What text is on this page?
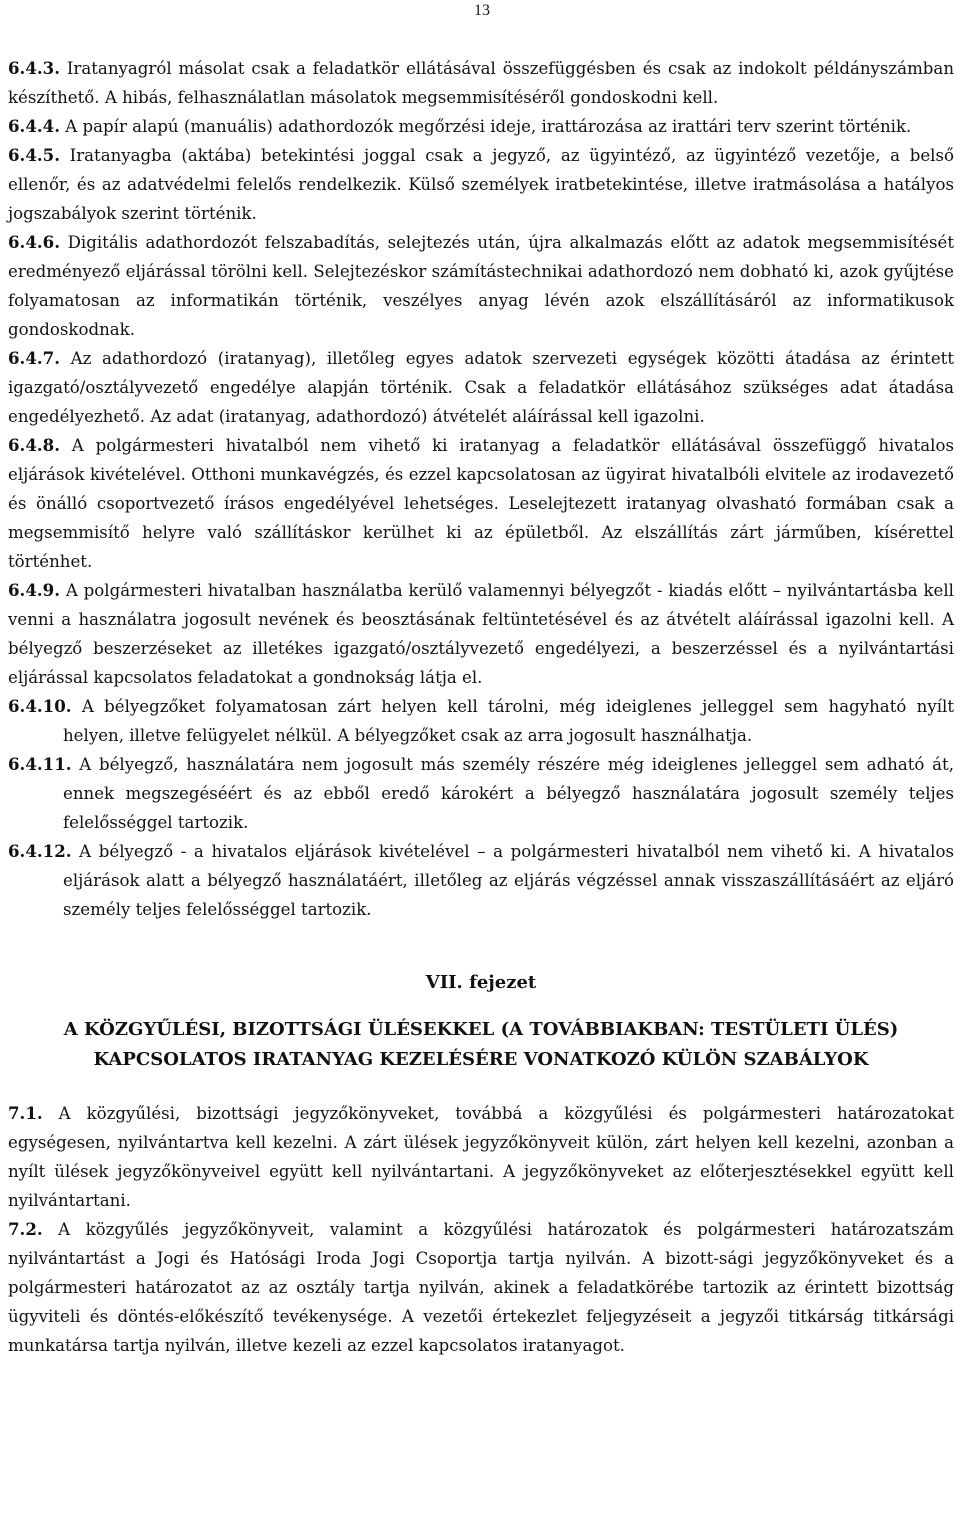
13

6.4.3. Iratanyagról másolat csak a feladatkör ellátásával összefüggésben és csak az indokolt példányszámban készíthető. A hibás, felhasználatlan másolatok megsemmisítéséről gondoskodni kell.

6.4.4. A papír alapú (manuális) adathordozók megőrzési ideje, irattározása az irattári terv szerint történik.

6.4.5. Iratanyagba (aktába) betekintési joggal csak a jegyző, az ügyintéző, az ügyintéző vezetője, a belső ellenőr, és az adatvédelmi felelős rendelkezik. Külső személyek iratbetekintése, illetve iratmásolása a hatályos jogszabályok szerint történik.

6.4.6. Digitális adathordozót felszabadítás, selejtezés után, újra alkalmazás előtt az adatok megsemmisítését eredményező eljárással törölni kell. Selejtezéskor számítástechnikai adathordozó nem dobható ki, azok gyűjtése folyamatosan az informatikán történik, veszélyes anyag lévén azok elszállításáról az informatikusok gondoskodnak.

6.4.7. Az adathordozó (iratanyag), illetőleg egyes adatok szervezeti egységek közötti átadása az érintett igazgató/osztályvezető engedélye alapján történik. Csak a feladatkör ellátásához szükséges adat átadása engedélyezhető. Az adat (iratanyag, adathordozó) átvételét aláírással kell igazolni.

6.4.8. A polgármesteri hivatalból nem vihető ki iratanyag a feladatkör ellátásával összefüggő hivatalos eljárások kivételével. Otthoni munkavégzés, és ezzel kapcsolatosan az ügyirat hivatalbóli elvitele az irodavezető és önálló csoportvezető írásos engedélyével lehetséges. Leselejtezett iratanyag olvasható formában csak a megsemmisítő helyre való szállításkor kerülhet ki az épületből. Az elszállítás zárt járműben, kísérettel történhet.

6.4.9. A polgármesteri hivatalban használatba kerülő valamennyi bélyegzőt - kiadás előtt – nyilvántartásba kell venni a használatra jogosult nevének és beosztásának feltüntetésével és az átvételt aláírással igazolni kell. A bélyegző beszerzéseket az illetékes igazgató/osztályvezető engedélyezi, a beszerzéssel és a nyilvántartási eljárással kapcsolatos feladatokat a gondnokság látja el.

6.4.10. A bélyegzőket folyamatosan zárt helyen kell tárolni, még ideiglenes jelleggel sem hagyható nyílt helyen, illetve felügyelet nélkül. A bélyegzőket csak az arra jogosult használhatja.

6.4.11. A bélyegző, használatára nem jogosult más személy részére még ideiglenes jelleggel sem adható át, ennek megszegéséért és az ebből eredő károkért a bélyegző használatára jogosult személy teljes felelősséggel tartozik.

6.4.12. A bélyegző - a hivatalos eljárások kivételével – a polgármesteri hivatalból nem vihető ki. A hivatalos eljárások alatt a bélyegző használatáért, illetőleg az eljárás végzéssel annak visszaszállításáért az eljáró személy teljes felelősséggel tartozik.

VII. fejezet

A KÖZGYŰLÉSI, BIZOTTSÁGI ÜLÉSEKKEL (A TOVÁBBIAKBAN: TESTÜLETI ÜLÉS)
KAPCSOLATOS IRATANYAG KEZELÉSÉRE VONATKOZÓ KÜLÖN SZABÁLYOK

7.1. A közgyűlési, bizottsági jegyzőkönyveket, továbbá a közgyűlési és polgármesteri határozatokat egységesen, nyilvántartva kell kezelni. A zárt ülések jegyzőkönyveit külön, zárt helyen kell kezelni, azonban a nyílt ülések jegyzőkönyveivel együtt kell nyilvántartani. A jegyzőkönyveket az előterjesztésekkel együtt kell nyilvántartani.

7.2. A közgyűlés jegyzőkönyveit, valamint a közgyűlési határozatok és polgármesteri határozatszám nyilvántartást a Jogi és Hatósági Iroda Jogi Csoportja tartja nyilván. A bizott-sági jegyzőkönyveket és a polgármesteri határozatot az az osztály tartja nyilván, akinek a feladatkörébe tartozik az érintett bizottság ügyviteli és döntés-előkészítő tevékenysége. A vezetői értekezlet feljegyzéseit a jegyzői titkárság titkársági munkatársa tartja nyilván, illetve kezeli az ezzel kapcsolatos iratanyagot.
